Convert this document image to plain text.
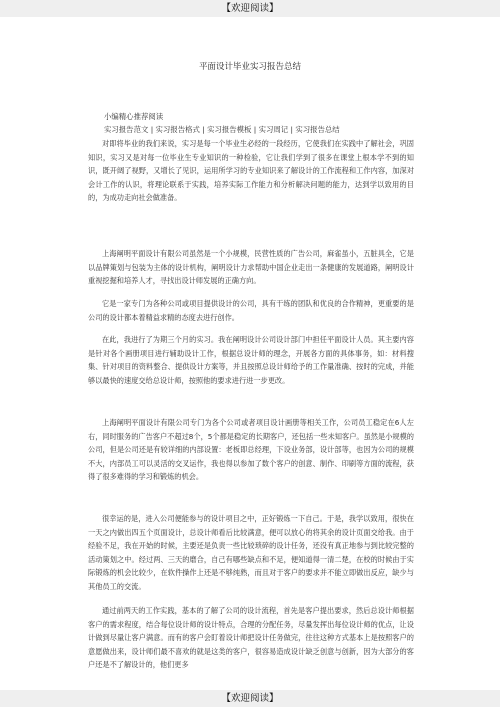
【欢迎阅读】
平面设计毕业实习报告总结
小编精心推荐阅读
实习报告范文 | 实习报告格式 | 实习报告模板 | 实习周记 | 实习报告总结

对即将毕业的我们来说，实习是每一个毕业生必经的一段经历，它使我们在实践中了解社会，巩固知识，实习又是对每一位毕业生专业知识的一种检验，它让我们学到了很多在课堂上根本学不到的知识，既开阔了视野，又增长了见识，运用所学习的专业知识来了解设计的工作流程和工作内容，加深对会计工作的认识，将理论联系于实践，培养实际工作能力和分析解决问题的能力，达到学以致用的目的，为成功走向社会做准备。

上海阐明平面设计有限公司虽然是一个小规模，民营性质的广告公司，麻雀虽小，五脏具全，它是以品牌策划与包装为主体的设计机构，阐明设计力求帮助中国企业走出一条健康的发展道路，阐明设计重视挖掘和培养人才，寻找出设计师发展的正确方向。

它是一家专门为各种公司或项目提供设计的公司，具有干练的团队和优良的合作精神，更重要的是公司的设计都本着精益求精的态度去进行创作。

在此，我进行了为期三个月的实习。我在阐明设计公司设计部门中担任平面设计人员。其主要内容是针对各个画册项目进行辅助设计工作，根据总设计师的理念，开展各方面的具体事务，如：材料搜集、针对项目的资料整合、提供设计方案等，并且按照总设计师给予的工作量准确、按时的完成，并能够以最快的速度交给总设计师，按照他的要求进行进一步更改。

上海阐明平面设计有限公司专门为各个公司或者项目设计画册等相关工作，公司员工稳定在6人左右，同时服务的广告客户不超过8个，5个都是稳定的长期客户，还包括一些未知客户。虽然是小规模的公司，但是公司还是有较详细的内部设置：老板即总经理，下设业务部，设计部等，也因为公司的规模不大，内部员工可以灵活的交叉运作，我也得以参加了数个客户的创意、制作、印刷等方面的流程，获得了很多难得的学习和锻炼的机会。

很幸运的是，进入公司便能参与的设计项目之中，正好锻炼一下自己。于是，我学以致用，很快在一天之内做出四五个页面设计，总设计师看后比较满意，便可以放心的将其余的设计页面交给我。由于经验不足，我在开始的时候，主要还是负责一些比较琐碎的设计任务，还没有真正地参与到比较完整的活动策划之中。经过两、三天的磨合，自己有哪些缺点和不足，便知道得一清二楚，在校的时候由于实际锻炼的机会比较少，在软件操作上还是不够纯熟，而且对于客户的要求并不能立即做出反应，缺少与其他员工的交流。

通过前两天的工作实践，基本的了解了公司的设计流程，首先是客户提出要求，然后总设计师根据客户的需求程度，结合每位设计师的设计特点，合理的分配任务，尽量发挥出每位设计师的优点，让设计做到尽量让客户满意。而有的客户会盯着设计师把设计任务做完，往往这种方式基本上是按照客户的意愿做出来，设计师们最不喜欢的就是这类的客户，很容易造成设计缺乏创意与创新，因为大部分的客户还是不了解设计的，他们更多

【欢迎阅读】
